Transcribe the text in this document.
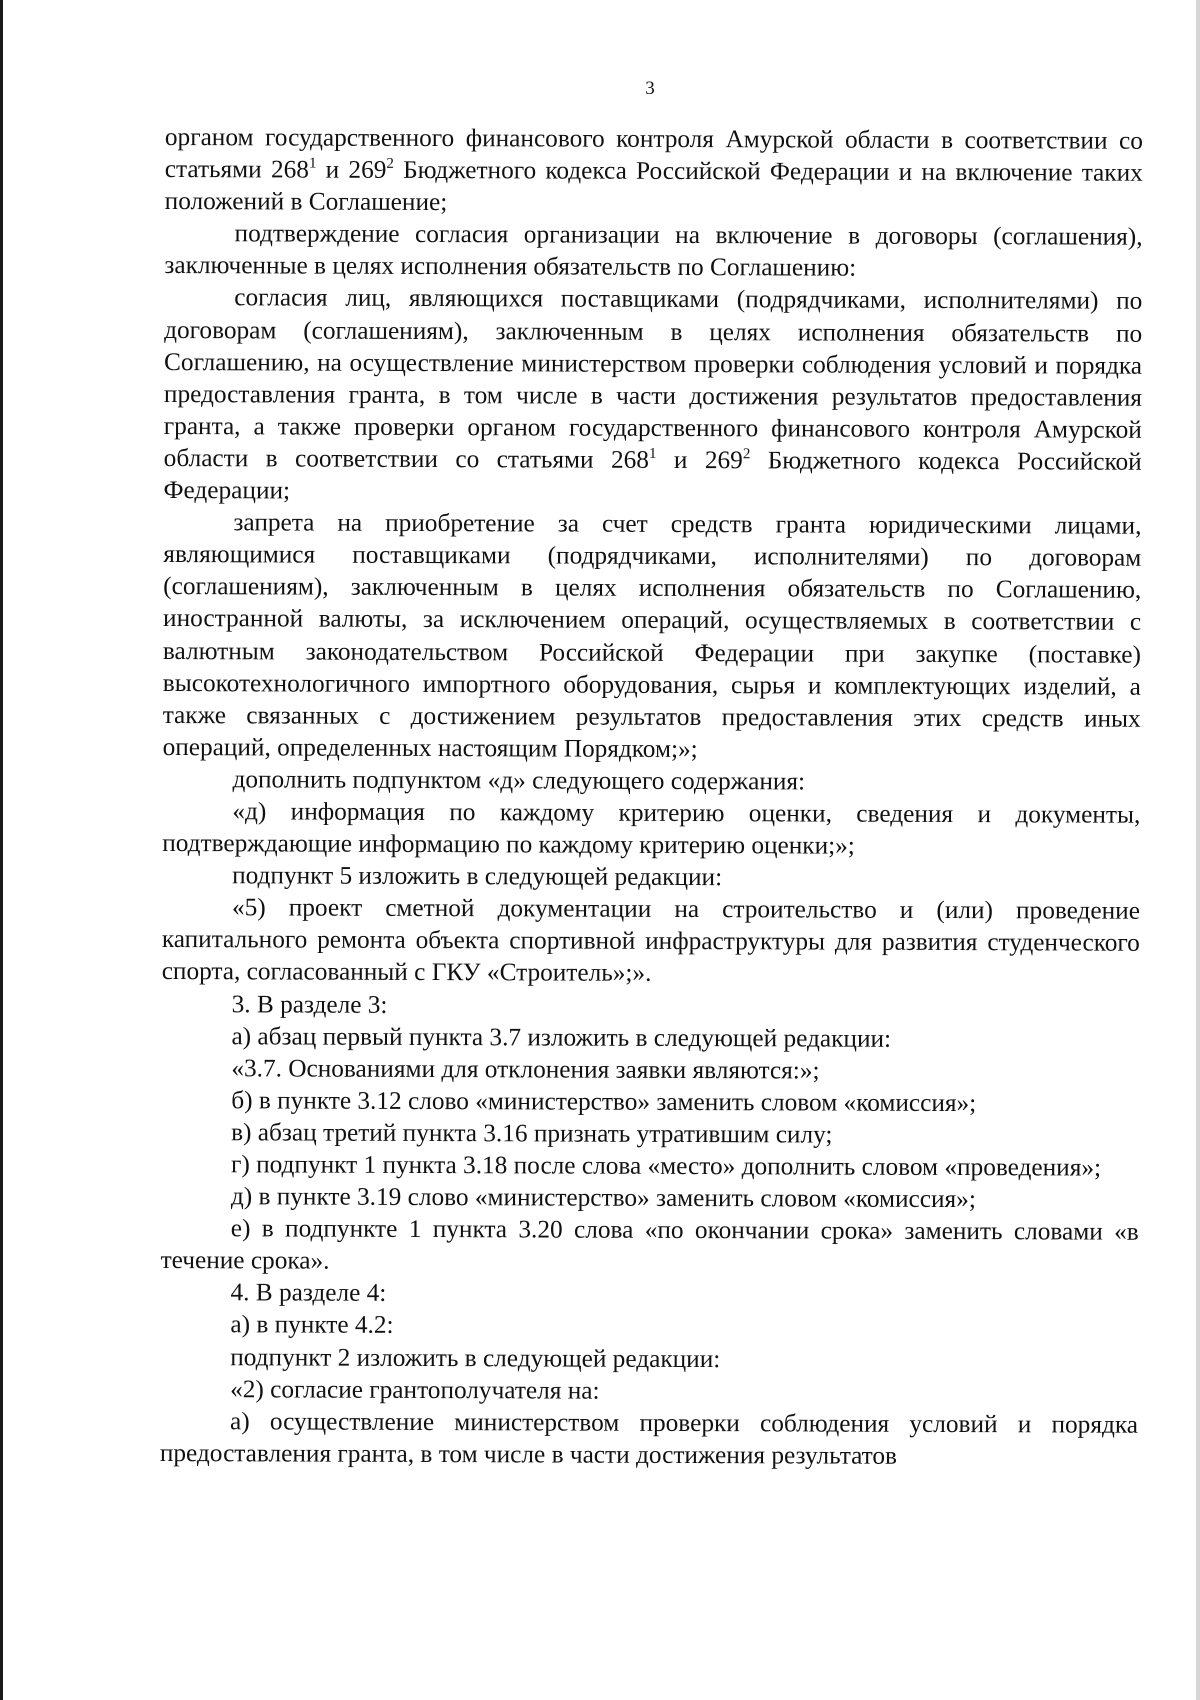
3

органом государственного финансового контроля Амурской области в соответствии со статьями $268^1$ и $269^2$ Бюджетного кодекса Российской Федерации и на включение таких положений в Соглашение;

подтверждение согласия организации на включение в договоры (соглашения), заключенные в целях исполнения обязательств по Соглашению:

согласия лиц, являющихся поставщиками (подрядчиками, исполнителями) по договорам (соглашениям), заключенным в целях исполнения обязательств по Соглашению, на осуществление министерством проверки соблюдения условий и порядка предоставления гранта, в том числе в части достижения результатов предоставления гранта, а также проверки органом государственного финансового контроля Амурской области в соответствии со статьями $268^1$ и $269^2$ Бюджетного кодекса Российской Федерации;

запрета на приобретение за счет средств гранта юридическими лицами, являющимися поставщиками (подрядчиками, исполнителями) по договорам (соглашениям), заключенным в целях исполнения обязательств по Соглашению, иностранной валюты, за исключением операций, осуществляемых в соответствии с валютным законодательством Российской Федерации при закупке (поставке) высокотехнологичного импортного оборудования, сырья и комплектующих изделий, а также связанных с достижением результатов предоставления этих средств иных операций, определенных настоящим Порядком;»;

дополнить подпунктом «д» следующего содержания:

«д) информация по каждому критерию оценки, сведения и документы, подтверждающие информацию по каждому критерию оценки;»;

подпункт 5 изложить в следующей редакции:

«5) проект сметной документации на строительство и (или) проведение капитального ремонта объекта спортивной инфраструктуры для развития студенческого спорта, согласованный с ГКУ «Строитель»;».

3. В разделе 3:

а) абзац первый пункта 3.7 изложить в следующей редакции:

«3.7. Основаниями для отклонения заявки являются:»;

б) в пункте 3.12 слово «министерство» заменить словом «комиссия»;

в) абзац третий пункта 3.16 признать утратившим силу;

г) подпункт 1 пункта 3.18 после слова «место» дополнить словом «проведения»;

д) в пункте 3.19 слово «министерство» заменить словом «комиссия»;

е) в подпункте 1 пункта 3.20 слова «по окончании срока» заменить словами «в течение срока».

4. В разделе 4:

а) в пункте 4.2:

подпункт 2 изложить в следующей редакции:

«2) согласие грантополучателя на:

а) осуществление министерством проверки соблюдения условий и порядка предоставления гранта, в том числе в части достижения результатов
